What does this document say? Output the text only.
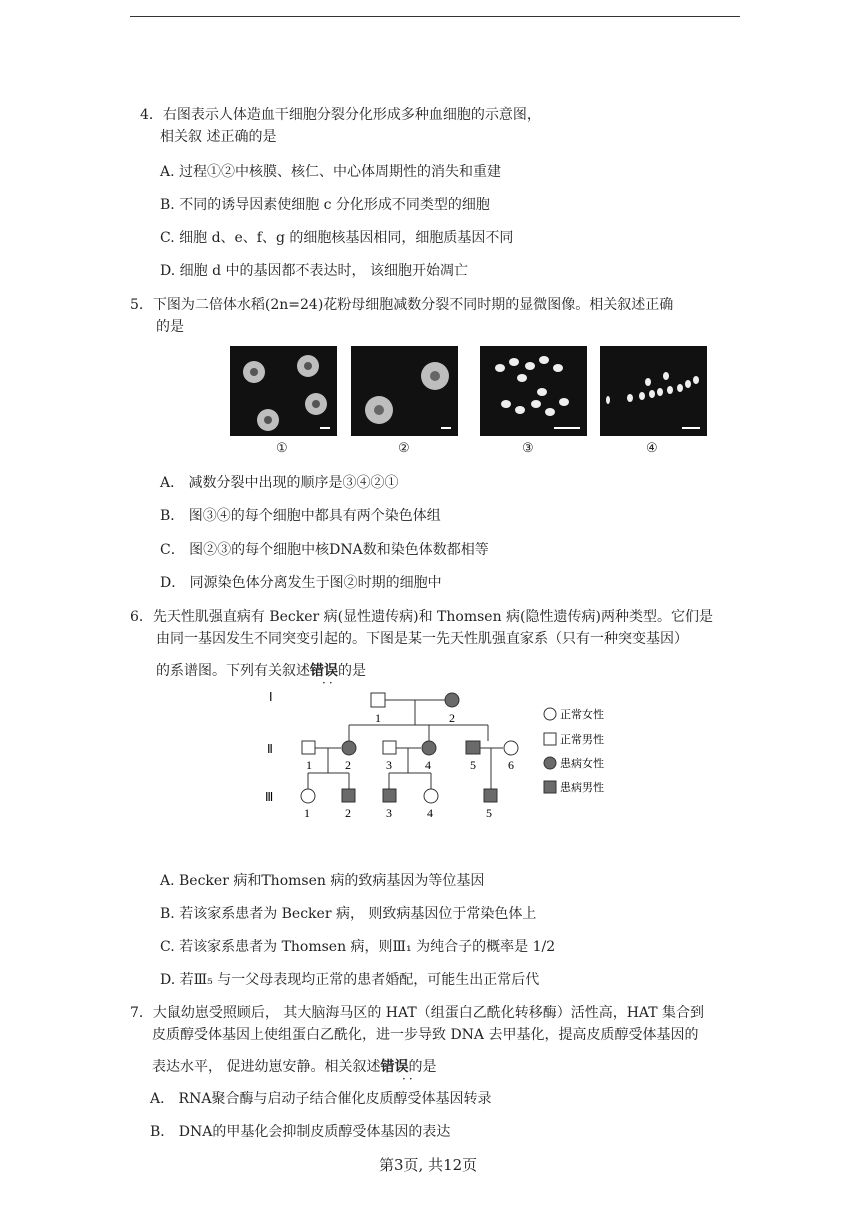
4．右图表示人体造血干细胞分裂分化形成多种血细胞的示意图，
相关叙 述正确的是
A. 过程①②中核膜、核仁、中心体周期性的消失和重建
B. 不同的诱导因素使细胞 c 分化形成不同类型的细胞
C. 细胞 d、e、f、g 的细胞核基因相同，细胞质基因不同
D. 细胞 d 中的基因都不表达时， 该细胞开始凋亡
5．下图为二倍体水稻(2n=24)花粉母细胞减数分裂不同时期的显微图像。相关叙述正确
的是
①	②	③	④
A． 减数分裂中出现的顺序是③④②①
B． 图③④的每个细胞中都具有两个染色体组
C． 图②③的每个细胞中核DNA数和染色体数都相等
D． 同源染色体分离发生于图②时期的细胞中
6．先天性肌强直病有 Becker 病(显性遗传病)和 Thomsen 病(隐性遗传病)两种类型。它们是
由同一基因发生不同突变引起的。下图是某一先天性肌强直家系（只有一种突变基因）
的系谱图。下列有关叙述错误的是
··
Ⅰ
Ⅱ
Ⅲ
1	2
1	2	3	4	5	6
1	2	3	4	5
正常女性
正常男性
患病女性
患病男性
A. Becker 病和Thomsen 病的致病基因为等位基因
B. 若该家系患者为 Becker 病， 则致病基因位于常染色体上
C. 若该家系患者为 Thomsen 病，则Ⅲ₁ 为纯合子的概率是 1/2
D. 若Ⅲ₅ 与一父母表现均正常的患者婚配，可能生出正常后代
7．大鼠幼崽受照顾后， 其大脑海马区的 HAT（组蛋白乙酰化转移酶）活性高，HAT 集合到
皮质醇受体基因上使组蛋白乙酰化，进一步导致 DNA 去甲基化，提高皮质醇受体基因的
表达水平， 促进幼崽安静。相关叙述错误的是
··
A． RNA聚合酶与启动子结合催化皮质醇受体基因转录
B． DNA的甲基化会抑制皮质醇受体基因的表达
第3页, 共12页
